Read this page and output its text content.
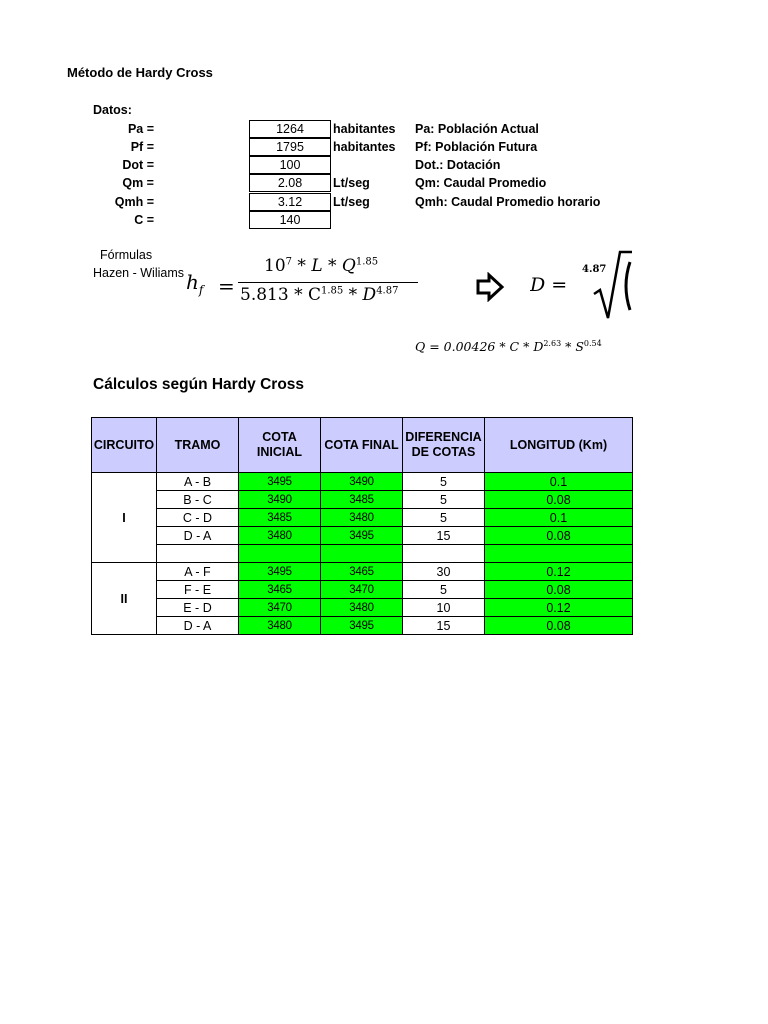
Método de Hardy Cross
Datos:
Pa =	1264	habitantes Pa: Población Actual
Pf =	1795	habitantes Pf: Población Futura
Dot =	100	Dot.: Dotación
Qm =	2.08	Lt/seg	Qm: Caudal Promedio
Qmh =	3.12	Lt/seg	Qmh: Caudal Promedio horario
C =	140
Fórmulas
Hazen - Wiliams $h_f$ =
$10^7$ * L * $Q^{1.85}$
$5.813 * C^{1.85} * D^{4.87}$	D =
4.87
$Q = 0.00426 * C * D^{2.63} * S^{0.54}$
Cálculos según Hardy Cross
CIRCUITO	TRAMO	COTA INICIAL	COTA FINAL	DIFERENCIA DE COTAS	LONGITUD (Km)
I	A - B	3495	3490	5	0.1
	B - C	3490	3485	5	0.08
	C - D	3485	3480	5	0.1
	D - A	3480	3495	15	0.08

II	A - F	3495	3465	30	0.12
	F - E	3465	3470	5	0.08
	E - D	3470	3480	10	0.12
	D - A	3480	3495	15	0.08
